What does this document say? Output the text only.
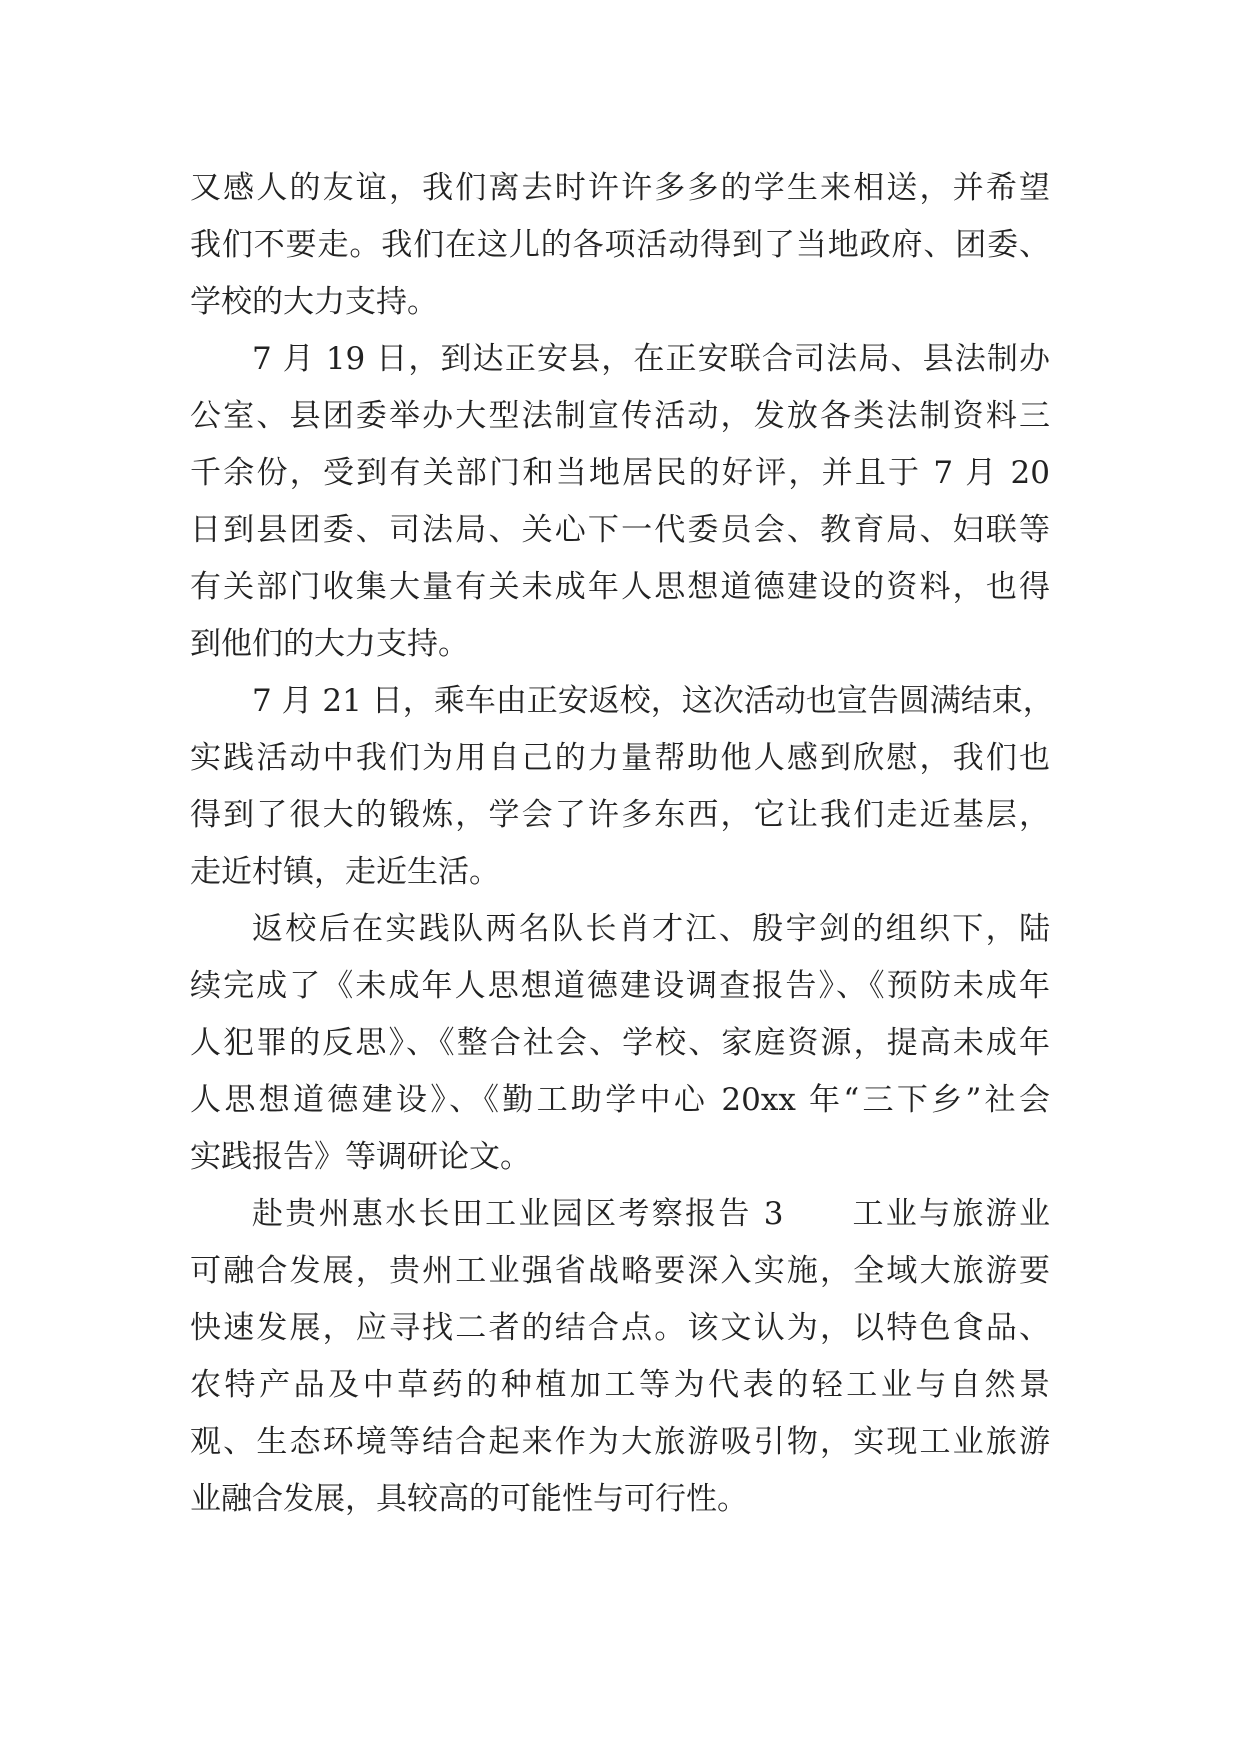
又感人的友谊，我们离去时许许多多的学生来相送，并希望
我们不要走。我们在这儿的各项活动得到了当地政府、团委、
学校的大力支持。
7 月 19 日，到达正安县，在正安联合司法局、县法制办
公室、县团委举办大型法制宣传活动，发放各类法制资料三
千余份，受到有关部门和当地居民的好评，并且于 7 月 20
日到县团委、司法局、关心下一代委员会、教育局、妇联等
有关部门收集大量有关未成年人思想道德建设的资料，也得
到他们的大力支持。
7 月 21 日，乘车由正安返校，这次活动也宣告圆满结束，
实践活动中我们为用自己的力量帮助他人感到欣慰，我们也
得到了很大的锻炼，学会了许多东西，它让我们走近基层，
走近村镇，走近生活。
返校后在实践队两名队长肖才江、殷宇剑的组织下，陆
续完成了《未成年人思想道德建设调查报告》、《预防未成年
人犯罪的反思》、《整合社会、学校、家庭资源，提高未成年
人思想道德建设》、《勤工助学中心 20xx 年“三下乡”社会
实践报告》等调研论文。
赴贵州惠水长田工业园区考察报告 3　　工业与旅游业
可融合发展，贵州工业强省战略要深入实施，全域大旅游要
快速发展，应寻找二者的结合点。该文认为，以特色食品、
农特产品及中草药的种植加工等为代表的轻工业与自然景
观、生态环境等结合起来作为大旅游吸引物，实现工业旅游
业融合发展，具较高的可能性与可行性。
